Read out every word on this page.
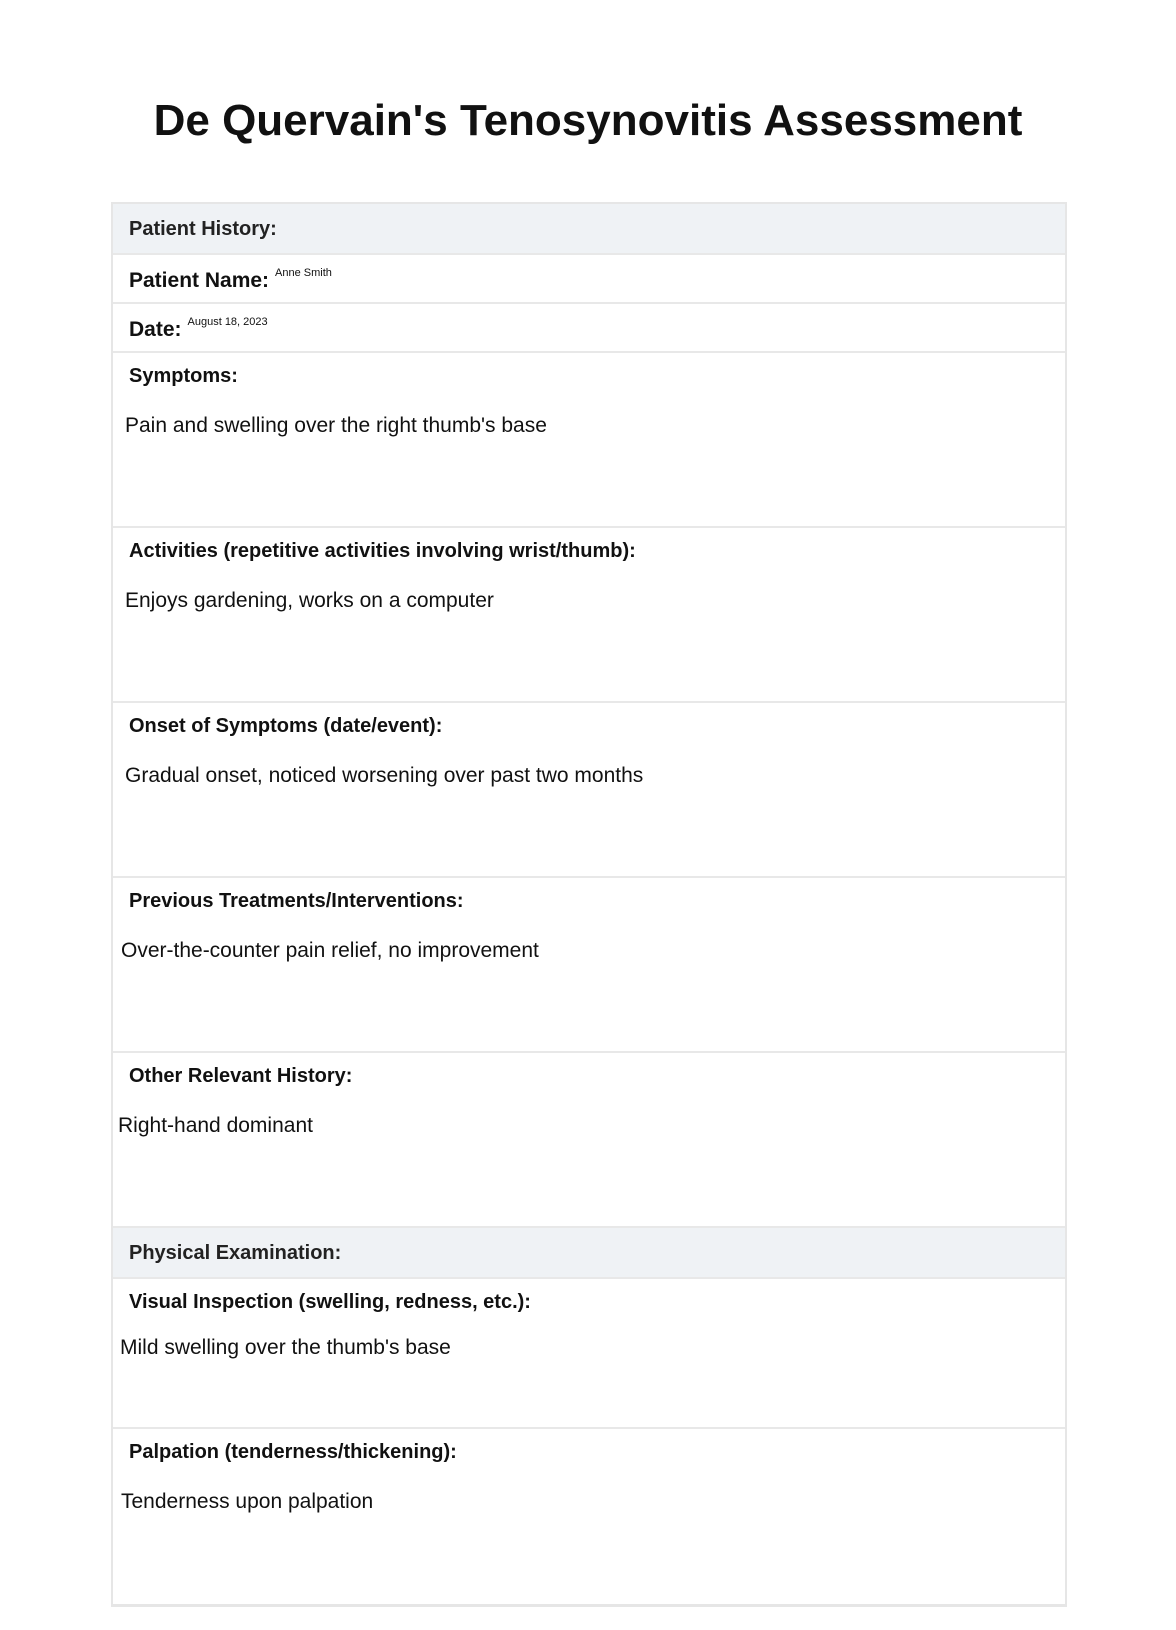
De Quervain's Tenosynovitis Assessment
Patient History:
Patient Name: $^{Anne Smith}$
Date: $^{August 18, 2023}$
Symptoms:
Pain and swelling over the right thumb's base
Activities (repetitive activities involving wrist/thumb):
Enjoys gardening, works on a computer
Onset of Symptoms (date/event):
Gradual onset, noticed worsening over past two months
Previous Treatments/Interventions:
Over-the-counter pain relief, no improvement
Other Relevant History:
Right-hand dominant
Physical Examination:
Visual Inspection (swelling, redness, etc.):
Mild swelling over the thumb's base
Palpation (tenderness/thickening):
Tenderness upon palpation
